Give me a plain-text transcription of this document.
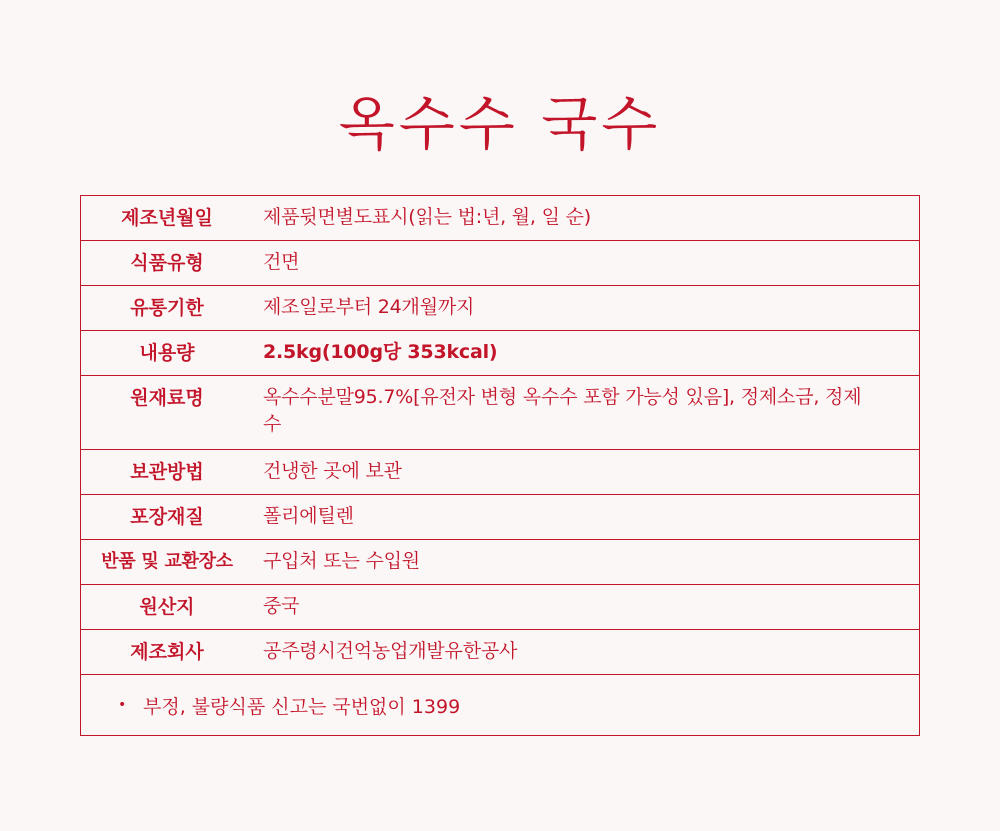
옥수수 국수
제조년월일	제품뒷면별도표시(읽는 법:년, 월, 일 순)
식품유형	건면
유통기한	제조일로부터 24개월까지
내용량	2.5kg(100g당 353kcal)
원재료명	옥수수분말95.7%[유전자 변형 옥수수 포함 가능성 있음], 정제소금, 정제수
보관방법	건냉한 곳에 보관
포장재질	폴리에틸렌
반품 및 교환장소	구입처 또는 수입원
원산지	중국
제조회사	공주령시건억농업개발유한공사
• 부정, 불량식품 신고는 국번없이 1399
